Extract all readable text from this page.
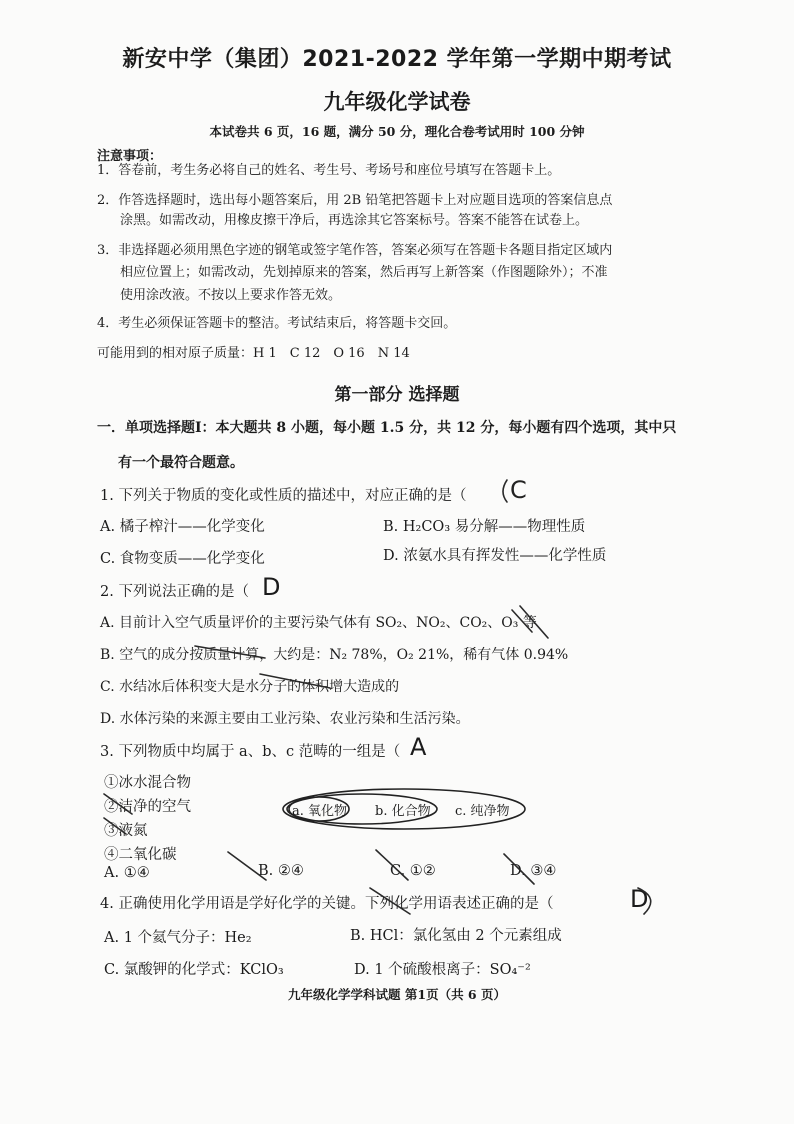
新安中学（集团）2021-2022 学年第一学期中期考试
九年级化学试卷
本试卷共 6 页，16 题，满分 50 分，理化合卷考试用时 100 分钟
注意事项：
1．答卷前，考生务必将自己的姓名、考生号、考场号和座位号填写在答题卡上。
2．作答选择题时，选出每小题答案后，用 2B 铅笔把答题卡上对应题目选项的答案信息点
涂黑。如需改动，用橡皮擦干净后，再选涂其它答案标号。答案不能答在试卷上。
3．非选择题必须用黑色字迹的钢笔或签字笔作答，答案必须写在答题卡各题目指定区域内
相应位置上；如需改动，先划掉原来的答案，然后再写上新答案（作图题除外）；不准
使用涂改液。不按以上要求作答无效。
4．考生必须保证答题卡的整洁。考试结束后，将答题卡交回。
可能用到的相对原子质量：H 1　C 12　O 16　N 14
第一部分 选择题
一．单项选择题Ⅰ：本大题共 8 小题，每小题 1.5 分，共 12 分，每小题有四个选项，其中只
有一个最符合题意。
1. 下列关于物质的变化或性质的描述中，对应正确的是（ C
A. 橘子榨汁——化学变化	B. H₂CO₃ 易分解——物理性质
C. 食物变质——化学变化	D. 浓氨水具有挥发性——化学性质
2. 下列说法正确的是（ D
A. 目前计入空气质量评价的主要污染气体有 SO₂、NO₂、CO₂、O₃ 等
B. 空气的成分按质量计算，大约是：N₂ 78%，O₂ 21%，稀有气体 0.94%
C. 水结冰后体积变大是水分子的体积增大造成的
D. 水体污染的来源主要由工业污染、农业污染和生活污染。
3. 下列物质中均属于 a、b、c 范畴的一组是（ A
①冰水混合物
②洁净的空气
③液氮
④二氧化碳
a. 氧化物 b. 化合物 c. 纯净物
A. ①④	B. ②④	C. ①②	D. ③④
4. 正确使用化学用语是学好化学的关键。下列化学用语表述正确的是（	D
A. 1 个氦气分子：He₂	B. HCl：氯化氢由 2 个元素组成
C. 氯酸钾的化学式：KClO₃	D. 1 个硫酸根离子：SO₄⁻²
九年级化学学科试题 第1页（共 6 页）
